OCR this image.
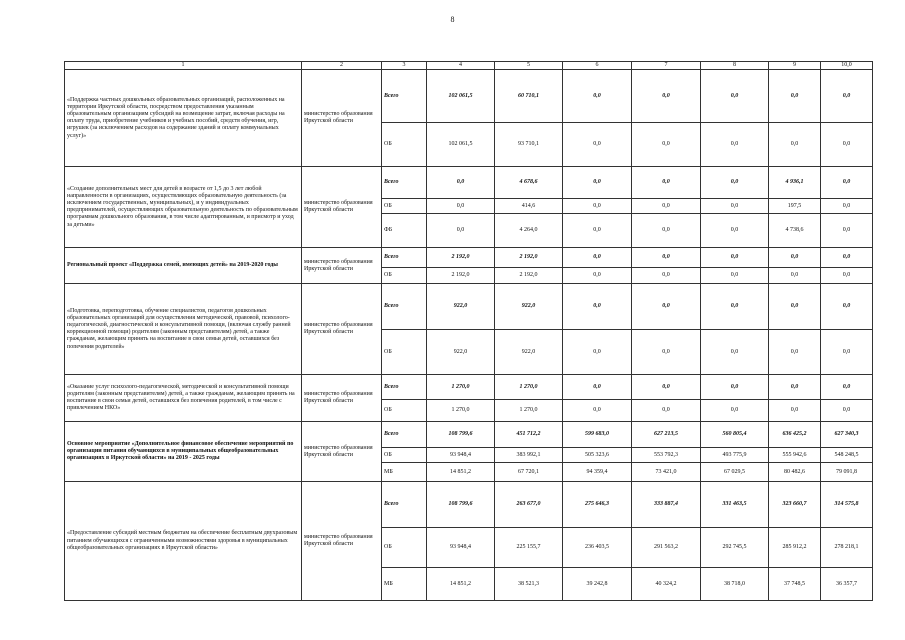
8
1	2	3	4	5	6	7	8	9	10,0
«Поддержка частных дошкольных образовательных организаций, расположенных на территории Иркутской области, посредством предоставления указанным образовательным организациям субсидий на возмещение затрат, включая расходы на оплату труда, приобретение учебников и учебных пособий, средств обучения, игр, игрушек (за исключением расходов на содержание зданий и оплату коммунальных услуг)»	министерство образования Иркутской области	Всего	102 061,5	60 710,1	0,0	0,0	0,0	0,0	0,0
		ОБ	102 061,5	93 710,1	0,0	0,0	0,0	0,0	0,0
«Создание дополнительных мест для детей в возрасте от 1,5 до 3 лет любой направленности в организациях, осуществляющих образовательную деятельность (за исключением государственных, муниципальных), и у индивидуальных предпринимателей, осуществляющих образовательную деятельность по образовательным программам дошкольного образования, в том числе адаптированным, и присмотр и уход за детьми»	министерство образования Иркутской области	Всего	0,0	4 678,6	0,0	0,0	0,0	4 936,1	0,0
		ОБ	0,0	414,6	0,0	0,0	0,0	197,5	0,0
		ФБ	0,0	4 264,0	0,0	0,0	0,0	4 738,6	0,0
Региональный проект «Поддержка семей, имеющих детей» на 2019-2020 годы	министерство образования Иркутской области	Всего	2 192,0	2 192,0	0,0	0,0	0,0	0,0	0,0
		ОБ	2 192,0	2 192,0	0,0	0,0	0,0	0,0	0,0
«Подготовка, переподготовка, обучение специалистов, педагогов дошкольных образовательных организаций для осуществления методической, правовой, психолого-педагогической, диагностической и консультативной помощи, (включая службу ранней коррекционной помощи) родителям (законным представителям) детей, а также гражданам, желающим принять на воспитание в свои семьи детей, оставшихся без попечения родителей»	министерство образования Иркутской области	Всего	922,0	922,0	0,0	0,0	0,0	0,0	0,0
		ОБ	922,0	922,0	0,0	0,0	0,0	0,0	0,0
«Оказание услуг психолого-педагогической, методической и консультативной помощи родителям (законным представителям) детей, а также гражданам, желающим принять на воспитание в свои семьи детей, оставшихся без попечения родителей, в том числе с привлечением НКО»	министерство образования Иркутской области	Всего	1 270,0	1 270,0	0,0	0,0	0,0	0,0	0,0
		ОБ	1 270,0	1 270,0	0,0	0,0	0,0	0,0	0,0
Основное мероприятие «Дополнительное финансовое обеспечение мероприятий по организации питания обучающихся в муниципальных общеобразовательных организациях в Иркутской области» на 2019 - 2025 годы	министерство образования Иркутской области	Всего	108 799,6	451 712,2	599 683,0	627 213,5	560 805,4	636 425,2	627 340,3
		ОБ	93 948,4	383 992,1	505 323,6	553 792,3	493 775,9	555 942,6	548 248,5
		МБ	14 851,2	67 720,1	94 359,4	73 421,0	67 029,5	80 482,6	79 091,8
«Предоставление субсидий местным бюджетам на обеспечение бесплатным двухразовым питанием обучающихся с ограниченными возможностями здоровья в муниципальных общеобразовательных организациях в Иркутской области»	министерство образования Иркутской области	Всего	108 799,6	263 677,0	275 646,3	333 887,4	331 463,5	323 660,7	314 575,8
		ОБ	93 948,4	225 155,7	236 403,5	291 563,2	292 745,5	285 912,2	278 218,1
		МБ	14 851,2	38 521,3	39 242,8	40 324,2	38 718,0	37 748,5	36 357,7
